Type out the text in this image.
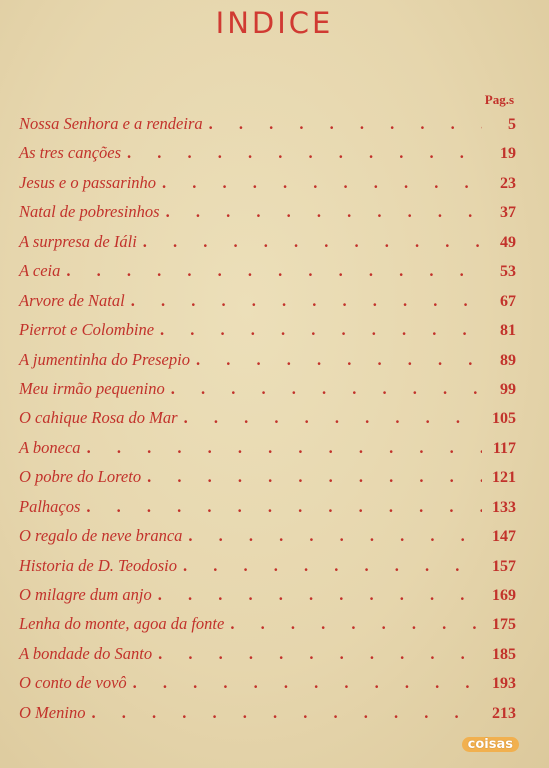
INDICE
Pag.s
Nossa Senhora e a rendeira . . .	5
As tres canções . . .	19
Jesus e o passarinho . . .	23
Natal de pobresinhos . . .	37
A surpresa de Iáli . . .	49
A ceia . . .	53
Arvore de Natal . . .	67
Pierrot e Colombine . . .	81
A jumentinha do Presepio . . .	89
Meu irmão pequenino . . .	99
O cahique Rosa do Mar . . .	105
A boneca . . .	117
O pobre do Loreto . . .	121
Palhaços . . .	133
O regalo de neve branca . . .	147
Historia de D. Teodosio . . .	157
O milagre dum anjo . . .	169
Lenha do monte, agoa da fonte . . .	175
A bondade do Santo . . .	185
O conto de vovô . . .	193
O Menino . . .	213
coisas
